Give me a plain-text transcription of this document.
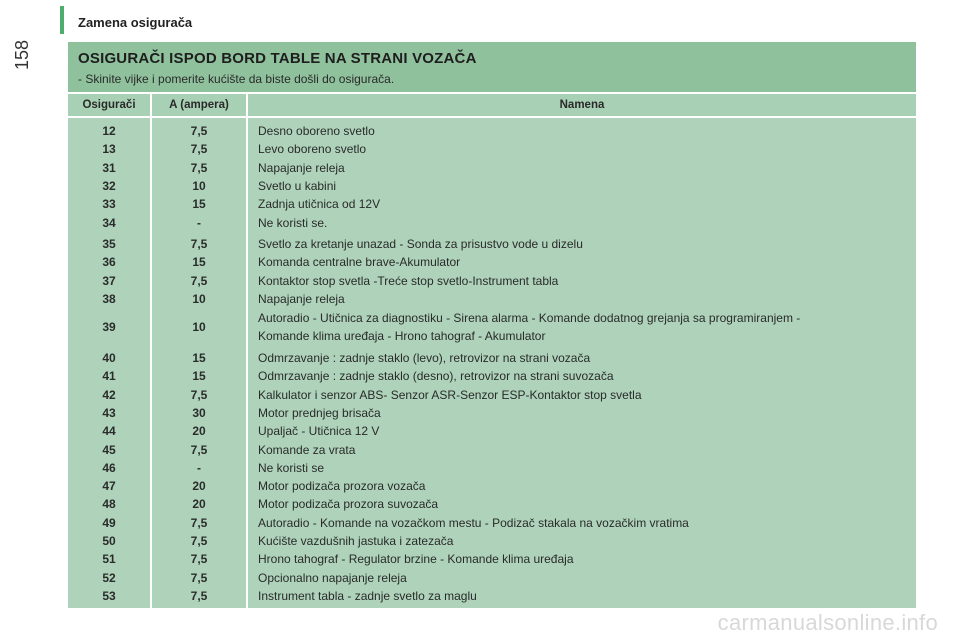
Zamena osigurača
158	OSIGURAČI ISPOD BORD TABLE NA STRANI VOZAČA
- Skinite vijke i pomerite kućište da biste došli do osigurača.
Osigurači	A (ampera)	Namena
12	7,5	Desno oboreno svetlo
13	7,5	Levo oboreno svetlo
31	7,5	Napajanje releja
32	10	Svetlo u kabini
33	15	Zadnja utičnica od 12V
34	-	Ne koristi se.
35	7,5	Svetlo za kretanje unazad - Sonda za prisustvo vode u dizelu
36	15	Komanda centralne brave-Akumulator
37	7,5	Kontaktor stop svetla -Treće stop svetlo-Instrument tabla
38	10	Napajanje releja
39	10	Autoradio - Utičnica za diagnostiku - Sirena alarma - Komande dodatnog grejanja sa programiranjem -
Komande klima uređaja - Hrono tahograf - Akumulator

40	15	Odmrzavanje : zadnje staklo (levo), retrovizor na strani vozača
41	15	Odmrzavanje : zadnje staklo (desno), retrovizor na strani suvozača
42	7,5	Kalkulator i senzor ABS- Senzor ASR-Senzor ESP-Kontaktor stop svetla
43	30	Motor prednjeg brisača
44	20	Upaljač - Utičnica 12 V
45	7,5	Komande za vrata
46	-	Ne koristi se
47	20	Motor podizača prozora vozača
48	20	Motor podizača prozora suvozača
49	7,5	Autoradio - Komande na vozačkom mestu - Podizač stakala na vozačkim vratima
50	7,5	Kućište vazdušnih jastuka i zatezača
51	7,5	Hrono tahograf - Regulator brzine - Komande klima uređaja
52	7,5	Opcionalno napajanje releja
53	7,5	Instrument tabla - zadnje svetlo za maglu
carmanualsonline.info
